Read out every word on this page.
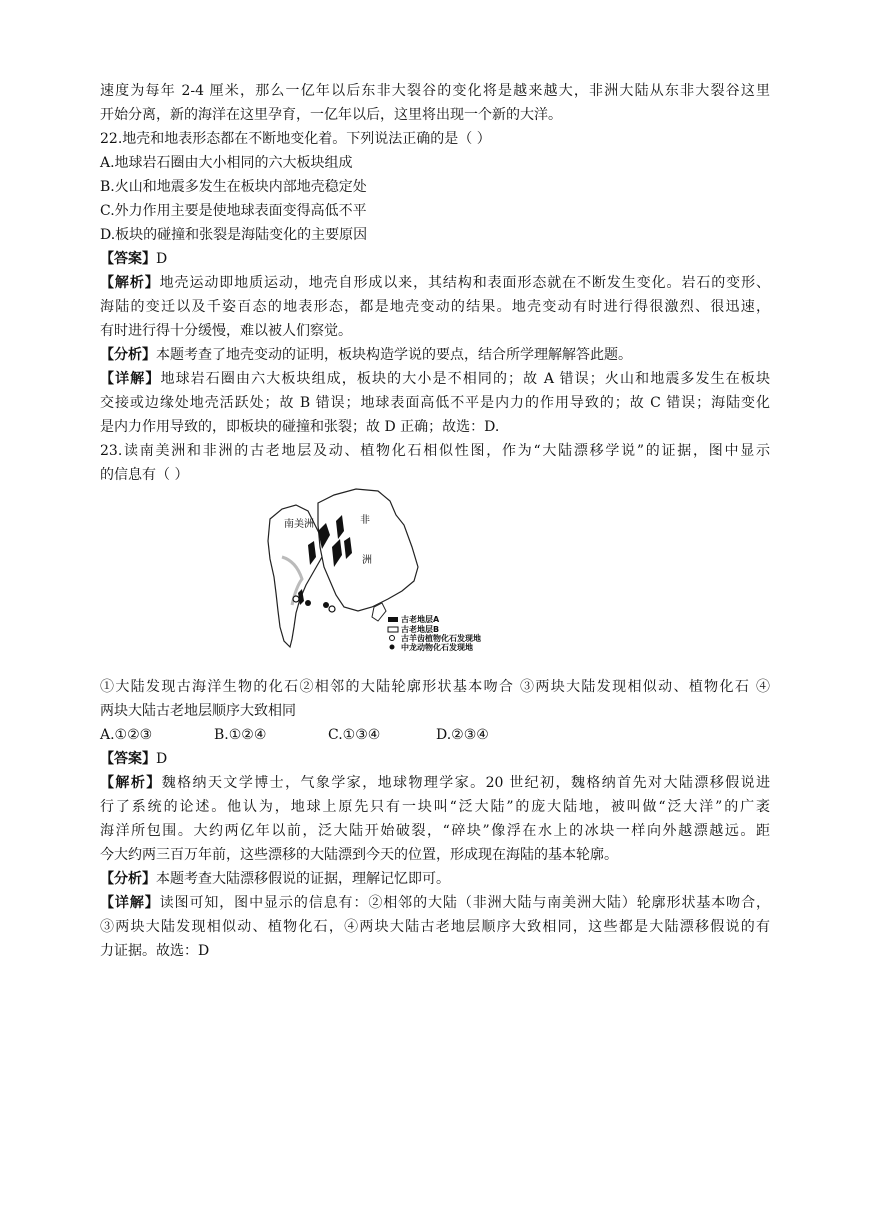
速度为每年 2-4 厘米，那么一亿年以后东非大裂谷的变化将是越来越大，非洲大陆从东非大裂谷这里
开始分离，新的海洋在这里孕育，一亿年以后，这里将出现一个新的大洋。
22.地壳和地表形态都在不断地变化着。下列说法正确的是（ ）
A.地球岩石圈由大小相同的六大板块组成
B.火山和地震多发生在板块内部地壳稳定处
C.外力作用主要是使地球表面变得高低不平
D.板块的碰撞和张裂是海陆变化的主要原因
【答案】D
【解析】地壳运动即地质运动，地壳自形成以来，其结构和表面形态就在不断发生变化。岩石的变形、
海陆的变迁以及千姿百态的地表形态，都是地壳变动的结果。地壳变动有时进行得很激烈、很迅速，
有时进行得十分缓慢，难以被人们察觉。
【分析】本题考查了地壳变动的证明，板块构造学说的要点，结合所学理解解答此题。
【详解】地球岩石圈由六大板块组成，板块的大小是不相同的；故 A 错误；火山和地震多发生在板块
交接或边缘处地壳活跃处；故 B 错误；地球表面高低不平是内力的作用导致的；故 C 错误；海陆变化
是内力作用导致的，即板块的碰撞和张裂；故 D 正确；故选：D.
23.读南美洲和非洲的古老地层及动、植物化石相似性图，作为“大陆漂移学说”的证据，图中显示
的信息有（ ）
南美洲	非
洲
古老地层A
古老地层B
古羊齿植物化石发现地
中龙动物化石发现地
①大陆发现古海洋生物的化石②相邻的大陆轮廓形状基本吻合 ③两块大陆发现相似动、植物化石 ④
两块大陆古老地层顺序大致相同
A.①②③	B.①②④	C.①③④	D.②③④
【答案】D
【解析】魏格纳天文学博士，气象学家，地球物理学家。20 世纪初，魏格纳首先对大陆漂移假说进
行了系统的论述。他认为，地球上原先只有一块叫“泛大陆”的庞大陆地，被叫做“泛大洋”的广袤
海洋所包围。大约两亿年以前，泛大陆开始破裂，“碎块”像浮在水上的冰块一样向外越漂越远。距
今大约两三百万年前，这些漂移的大陆漂到今天的位置，形成现在海陆的基本轮廓。
【分析】本题考查大陆漂移假说的证据，理解记忆即可。
【详解】读图可知，图中显示的信息有：②相邻的大陆（非洲大陆与南美洲大陆）轮廓形状基本吻合，
③两块大陆发现相似动、植物化石，④两块大陆古老地层顺序大致相同，这些都是大陆漂移假说的有
力证据。故选：D
